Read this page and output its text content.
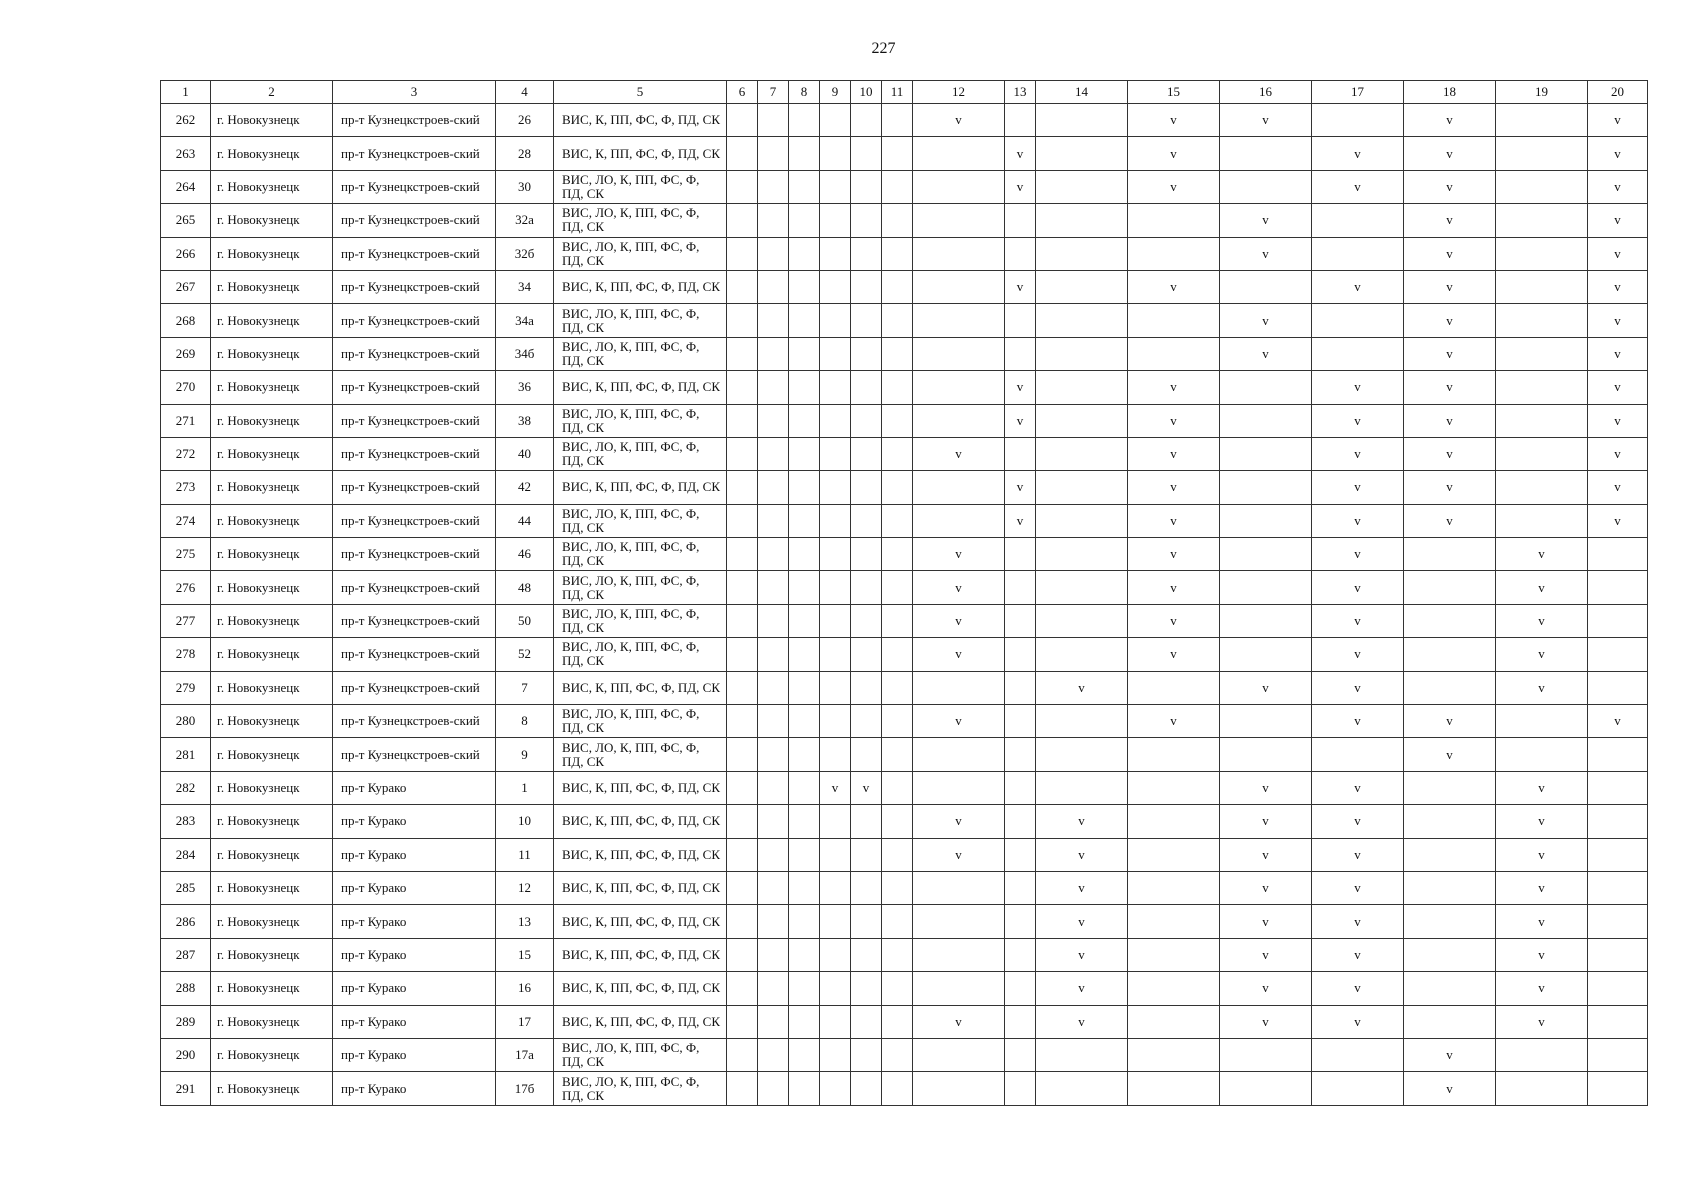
227
1	2	3	4	5	6	7	8	9	10	11	12	13	14	15	16	17	18	19	20
262	г. Новокузнецк	пр-т Кузнецкстроев-ский	26	ВИС, К, ПП, ФС, Ф, ПД, СК							v			v	v		v		v
263	г. Новокузнецк	пр-т Кузнецкстроев-ский	28	ВИС, К, ПП, ФС, Ф, ПД, СК								v		v		v	v		v
264	г. Новокузнецк	пр-т Кузнецкстроев-ский	30	ВИС, ЛО, К, ПП, ФС, Ф, ПД, СК								v		v		v	v		v
265	г. Новокузнецк	пр-т Кузнецкстроев-ский	32а	ВИС, ЛО, К, ПП, ФС, Ф, ПД, СК											v		v		v
266	г. Новокузнецк	пр-т Кузнецкстроев-ский	32б	ВИС, ЛО, К, ПП, ФС, Ф, ПД, СК											v		v		v
267	г. Новокузнецк	пр-т Кузнецкстроев-ский	34	ВИС, К, ПП, ФС, Ф, ПД, СК								v		v		v	v		v
268	г. Новокузнецк	пр-т Кузнецкстроев-ский	34а	ВИС, ЛО, К, ПП, ФС, Ф, ПД, СК											v		v		v
269	г. Новокузнецк	пр-т Кузнецкстроев-ский	34б	ВИС, ЛО, К, ПП, ФС, Ф, ПД, СК											v		v		v
270	г. Новокузнецк	пр-т Кузнецкстроев-ский	36	ВИС, К, ПП, ФС, Ф, ПД, СК								v		v		v	v		v
271	г. Новокузнецк	пр-т Кузнецкстроев-ский	38	ВИС, ЛО, К, ПП, ФС, Ф, ПД, СК								v		v		v	v		v
272	г. Новокузнецк	пр-т Кузнецкстроев-ский	40	ВИС, ЛО, К, ПП, ФС, Ф, ПД, СК							v			v		v	v		v
273	г. Новокузнецк	пр-т Кузнецкстроев-ский	42	ВИС, К, ПП, ФС, Ф, ПД, СК								v		v		v	v		v
274	г. Новокузнецк	пр-т Кузнецкстроев-ский	44	ВИС, ЛО, К, ПП, ФС, Ф, ПД, СК								v		v		v	v		v
275	г. Новокузнецк	пр-т Кузнецкстроев-ский	46	ВИС, ЛО, К, ПП, ФС, Ф, ПД, СК							v			v		v		v	
276	г. Новокузнецк	пр-т Кузнецкстроев-ский	48	ВИС, ЛО, К, ПП, ФС, Ф, ПД, СК							v			v		v		v	
277	г. Новокузнецк	пр-т Кузнецкстроев-ский	50	ВИС, ЛО, К, ПП, ФС, Ф, ПД, СК							v			v		v		v	
278	г. Новокузнецк	пр-т Кузнецкстроев-ский	52	ВИС, ЛО, К, ПП, ФС, Ф, ПД, СК							v			v		v		v	
279	г. Новокузнецк	пр-т Кузнецкстроев-ский	7	ВИС, К, ПП, ФС, Ф, ПД, СК									v		v	v		v	
280	г. Новокузнецк	пр-т Кузнецкстроев-ский	8	ВИС, ЛО, К, ПП, ФС, Ф, ПД, СК							v			v		v	v		v
281	г. Новокузнецк	пр-т Кузнецкстроев-ский	9	ВИС, ЛО, К, ПП, ФС, Ф, ПД, СК													v		
282	г. Новокузнецк	пр-т Курако	1	ВИС, К, ПП, ФС, Ф, ПД, СК				v	v						v	v		v	
283	г. Новокузнецк	пр-т Курако	10	ВИС, К, ПП, ФС, Ф, ПД, СК							v		v		v	v		v	
284	г. Новокузнецк	пр-т Курако	11	ВИС, К, ПП, ФС, Ф, ПД, СК							v		v		v	v		v	
285	г. Новокузнецк	пр-т Курако	12	ВИС, К, ПП, ФС, Ф, ПД, СК									v		v	v		v	
286	г. Новокузнецк	пр-т Курако	13	ВИС, К, ПП, ФС, Ф, ПД, СК									v		v	v		v	
287	г. Новокузнецк	пр-т Курако	15	ВИС, К, ПП, ФС, Ф, ПД, СК									v		v	v		v	
288	г. Новокузнецк	пр-т Курако	16	ВИС, К, ПП, ФС, Ф, ПД, СК									v		v	v		v	
289	г. Новокузнецк	пр-т Курако	17	ВИС, К, ПП, ФС, Ф, ПД, СК							v		v		v	v		v	
290	г. Новокузнецк	пр-т Курако	17а	ВИС, ЛО, К, ПП, ФС, Ф, ПД, СК													v		
291	г. Новокузнецк	пр-т Курако	17б	ВИС, ЛО, К, ПП, ФС, Ф, ПД, СК													v		
